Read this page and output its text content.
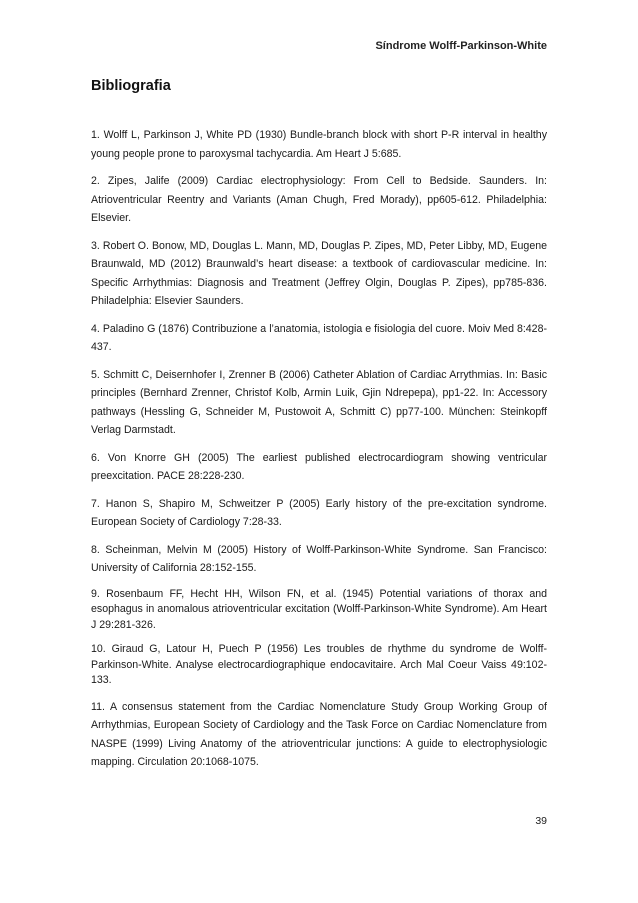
Síndrome Wolff-Parkinson-White
Bibliografia
1. Wolff L, Parkinson J, White PD (1930) Bundle-branch block with short P-R interval in healthy young people prone to paroxysmal tachycardia. Am Heart J 5:685.
2. Zipes, Jalife (2009) Cardiac electrophysiology: From Cell to Bedside. Saunders. In: Atrioventricular Reentry and Variants (Aman Chugh, Fred Morady), pp605-612. Philadelphia: Elsevier.
3. Robert O. Bonow, MD, Douglas L. Mann, MD, Douglas P. Zipes, MD, Peter Libby, MD, Eugene Braunwald, MD (2012) Braunwald’s heart disease: a textbook of cardiovascular medicine. In: Specific Arrhythmias: Diagnosis and Treatment (Jeffrey Olgin, Douglas P. Zipes), pp785-836. Philadelphia: Elsevier Saunders.
4. Paladino G (1876) Contribuzione a l’anatomia, istologia e fisiologia del cuore. Moiv Med 8:428-437.
5. Schmitt C, Deisernhofer I, Zrenner B (2006) Catheter Ablation of Cardiac Arrythmias. In: Basic principles (Bernhard Zrenner, Christof Kolb, Armin Luik, Gjin Ndrepepa), pp1-22. In: Accessory pathways (Hessling G, Schneider M, Pustowoit A, Schmitt C) pp77-100. München: Steinkopff Verlag Darmstadt.
6. Von Knorre GH (2005) The earliest published electrocardiogram showing ventricular preexcitation. PACE 28:228-230.
7. Hanon S, Shapiro M, Schweitzer P (2005) Early history of the pre-excitation syndrome. European Society of Cardiology 7:28-33.
8. Scheinman, Melvin M (2005) History of Wolff-Parkinson-White Syndrome. San Francisco: University of California 28:152-155.
9. Rosenbaum FF, Hecht HH, Wilson FN, et al. (1945) Potential variations of thorax and esophagus in anomalous atrioventricular excitation (Wolff-Parkinson-White Syndrome). Am Heart J 29:281-326.
10. Giraud G, Latour H, Puech P (1956) Les troubles de rhythme du syndrome de Wolff-Parkinson-White. Analyse electrocardiographique endocavitaire. Arch Mal Coeur Vaiss 49:102-133.
11. A consensus statement from the Cardiac Nomenclature Study Group Working Group of Arrhythmias, European Society of Cardiology and the Task Force on Cardiac Nomenclature from NASPE (1999) Living Anatomy of the atrioventricular junctions: A guide to electrophysiologic mapping. Circulation 20:1068-1075.
39
